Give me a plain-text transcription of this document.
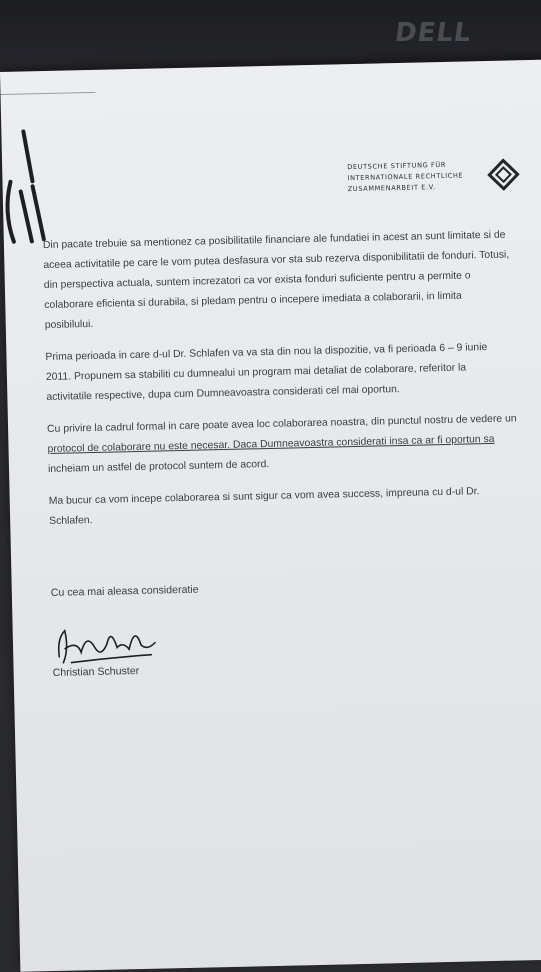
DELL
DEUTSCHE STIFTUNG FÜR
INTERNATIONALE RECHTLICHE
ZUSAMMENARBEIT E.V.
Din pacate trebuie sa mentionez ca posibilitatile financiare ale fundatiei in acest an sunt limitate si de
aceea activitatile pe care le vom putea desfasura vor sta sub rezerva disponibilitatii de fonduri. Totusi,
din perspectiva actuala, suntem increzatori ca vor exista fonduri suficiente pentru a permite o
colaborare eficienta si durabila, si pledam pentru o incepere imediata a colaborarii, in limita
posibilului.
Prima perioada in care d-ul Dr. Schlafen va va sta din nou la dispozitie, va fi perioada 6 – 9 iunie
2011. Propunem sa stabiliti cu dumnealui un program mai detaliat de colaborare, referitor la
activitatile respective, dupa cum Dumneavoastra considerati cel mai oportun.
Cu privire la cadrul formal in care poate avea loc colaborarea noastra, din punctul nostru de vedere un
protocol de colaborare nu este necesar. Daca Dumneavoastra considerati insa ca ar fi oportun sa
incheiam un astfel de protocol suntem de acord.
Ma bucur ca vom incepe colaborarea si sunt sigur ca vom avea success, impreuna cu d-ul Dr.
Schlafen.
Cu cea mai aleasa consideratie
Christian Schuster
